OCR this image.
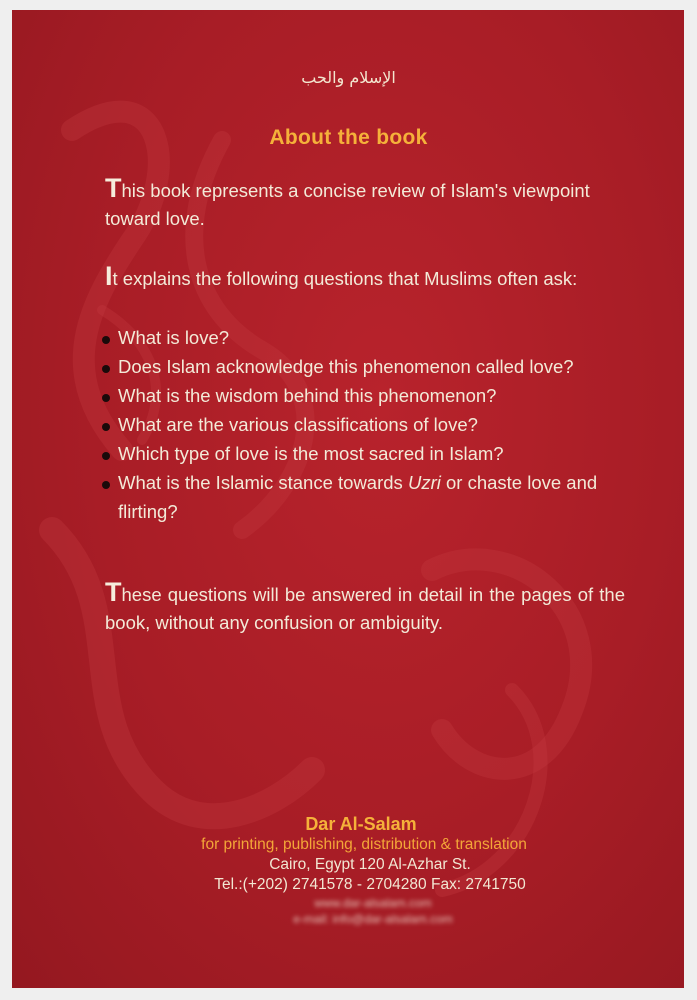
الإسلام والحب
About the book
This book represents a concise review of Islam's viewpoint toward love.
It explains the following questions that Muslims often ask:
What is love?
Does Islam acknowledge this phenomenon called love?
What is the wisdom behind this phenomenon?
What are the various classifications of love?
Which type of love is the most sacred in Islam?
What is the Islamic stance towards Uzri or chaste love and flirting?
These questions will be answered in detail in the pages of the book, without any confusion or ambiguity.
Dar Al-Salam
for printing, publishing, distribution & translation
Cairo, Egypt 120 Al-Azhar St.
Tel.:(+202) 2741578 - 2704280 Fax: 2741750
www.dar-alsalam.com
e-mail: info@dar-alsalam.com
